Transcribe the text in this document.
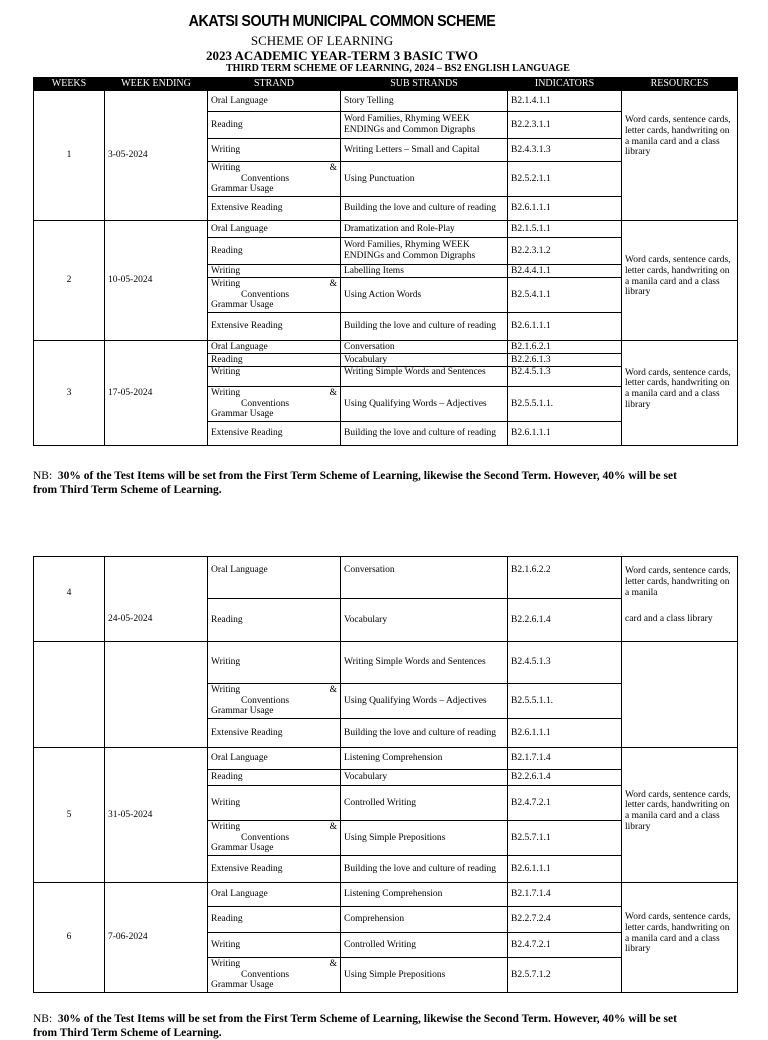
AKATSI SOUTH MUNICIPAL COMMON SCHEME
SCHEME OF LEARNING
2023 ACADEMIC YEAR-TERM 3 BASIC TWO
THIRD TERM SCHEME OF LEARNING, 2024 – BS2 ENGLISH LANGUAGE
WEEKS	WEEK ENDING	STRAND	SUB STRANDS	INDICATORS	RESOURCES
1	3-05-2024	Oral Language	Story Telling	B2.1.4.1.1	Word cards, sentence cards, letter cards, handwriting on a manila card and a class library

		Reading	Word Families, Rhyming WEEK ENDINGs and Common Digraphs	B2.2.3.1.1	
		Writing	Writing Letters – Small and Capital	B2.4.3.1.3	

		Writing &
Conventions
Grammar Usage	Using Punctuation	B2.5.2.1.1	
		Extensive Reading	Building the love and culture of reading	B2.6.1.1.1	
2	10-05-2024	Oral Language	Dramatization and Role-Play	B2.1.5.1.1	Word cards, sentence cards, letter cards, handwriting on a manila card and a class library

		Reading	Word Families, Rhyming WEEK ENDINGs and Common Digraphs	B2.2.3.1.2	
		Writing	Labelling Items	B2.4.4.1.1	

		Writing &
Conventions
Grammar Usage	Using Action Words	B2.5.4.1.1	
		Extensive Reading	Building the love and culture of reading	B2.6.1.1.1	
3	17-05-2024	Oral Language	Conversation	B2.1.6.2.1	Word cards, sentence cards, letter cards, handwriting on a manila card and a class library

		Reading	Vocabulary	B2.2.6.1.3	
		Writing	Writing Simple Words and Sentences	B2.4.5.1.3	

		Writing &
Conventions
Grammar Usage	Using Qualifying Words – Adjectives	B2.5.5.1.1.	
		Extensive Reading	Building the love and culture of reading	B2.6.1.1.1	
NB: 30% of the Test Items will be set from the First Term Scheme of Learning, likewise the Second Term. However, 40% will be set from Third Term Scheme of Learning.
4		Oral Language	Conversation	B2.1.6.2.2	Word cards, sentence cards, letter cards, handwriting on a manila

	24-05-2024	Reading	Vocabulary	B2.2.6.1.4	card and a class library
		Writing	Writing Simple Words and Sentences	B2.4.5.1.3	

		Writing &
Conventions
Grammar Usage	Using Qualifying Words – Adjectives	B2.5.5.1.1.	
		Extensive Reading	Building the love and culture of reading	B2.6.1.1.1	
5	31-05-2024	Oral Language	Listening Comprehension	B2.1.7.1.4	Word cards, sentence cards, letter cards, handwriting on a manila card and a class library

		Reading	Vocabulary	B2.2.6.1.4	
		Writing	Controlled Writing	B2.4.7.2.1	

		Writing &
Conventions
Grammar Usage	Using Simple Prepositions	B2.5.7.1.1	
		Extensive Reading	Building the love and culture of reading	B2.6.1.1.1	
6	7-06-2024	Oral Language	Listening Comprehension	B2.1.7.1.4	Word cards, sentence cards, letter cards, handwriting on a manila card and a class library

		Reading	Comprehension	B2.2.7.2.4	
		Writing	Controlled Writing	B2.4.7.2.1	

		Writing &
Conventions
Grammar Usage	Using Simple Prepositions	B2.5.7.1.2	
NB: 30% of the Test Items will be set from the First Term Scheme of Learning, likewise the Second Term. However, 40% will be set from Third Term Scheme of Learning.
